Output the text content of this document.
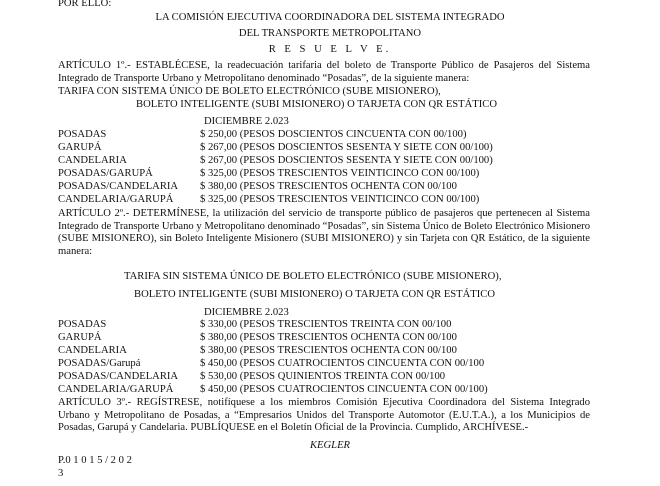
POR ELLO:
LA COMISIÓN EJECUTIVA COORDINADORA DEL SISTEMA INTEGRADO
DEL TRANSPORTE METROPOLITANO
R E S U E L V E.
ARTÍCULO 1º.- ESTABLÉCESE, la readecuación tarifaria del boleto de Transporte Público de Pasajeros del Sistema Integrado de Transporte Urbano y Metropolitano denominado “Posadas”, de la siguiente manera:
TARIFA CON SISTEMA ÚNICO DE BOLETO ELECTRÓNICO (SUBE MISIONERO),
BOLETO INTELIGENTE (SUBI MISIONERO) O TARJETA CON QR ESTÁTICO
DICIEMBRE 2.023
POSADAS	$ 250,00 (PESOS DOSCIENTOS CINCUENTA CON 00/100)
GARUPÁ	$ 267,00 (PESOS DOSCIENTOS SESENTA Y SIETE CON 00/100)
CANDELARIA	$ 267,00 (PESOS DOSCIENTOS SESENTA Y SIETE CON 00/100)
POSADAS/GARUPÁ	$ 325,00 (PESOS TRESCIENTOS VEINTICINCO CON 00/100)
POSADAS/CANDELARIA $ 380,00 (PESOS TRESCIENTOS OCHENTA CON 00/100
CANDELARIA/GARUPÁ	$ 325,00 (PESOS TRESCIENTOS VEINTICINCO CON 00/100)
ARTÍCULO 2º.- DETERMÍNESE, la utilización del servicio de transporte público de pasajeros que pertenecen al Sistema Integrado de Transporte Urbano y Metropolitano denominado “Posadas”, sin Sistema Único de Boleto Electrónico Misionero (SUBE MISIONERO), sin Boleto Inteligente Misionero (SUBI MISIONERO) y sin Tarjeta con QR Estático, de la siguiente manera:
TARIFA SIN SISTEMA ÚNICO DE BOLETO ELECTRÓNICO (SUBE MISIONERO),
BOLETO INTELIGENTE (SUBI MISIONERO) O TARJETA CON QR ESTÁTICO
DICIEMBRE 2.023
POSADAS	$ 330,00 (PESOS TRESCIENTOS TREINTA CON 00/100
GARUPÁ	$ 380,00 (PESOS TRESCIENTOS OCHENTA CON 00/100
CANDELARIA	$ 380,00 (PESOS TRESCIENTOS OCHENTA CON 00/100
POSADAS/Garupá	$ 450,00 (PESOS CUATROCIENTOS CINCUENTA CON 00/100
POSADAS/CANDELARIA $ 530,00 (PESOS QUINIENTOS TREINTA CON 00/100
CANDELARIA/GARUPÁ	$ 450,00 (PESOS CUATROCIENTOS CINCUENTA CON 00/100)
ARTÍCULO 3º.- REGÍSTRESE, notifíquese a los miembros Comisión Ejecutiva Coordinadora del Sistema Integrado Urbano y Metropolitano de Posadas, a “Empresarios Unidos del Transporte Automotor (E.U.T.A.), a los Municipios de Posadas, Garupá y Candelaria. PUBLÍQUESE en el Boletín Oficial de la Provincia. Cumplido, ARCHÍVESE.-
KEGLER
P.0 1 0 1 5 / 2 0 2 3
